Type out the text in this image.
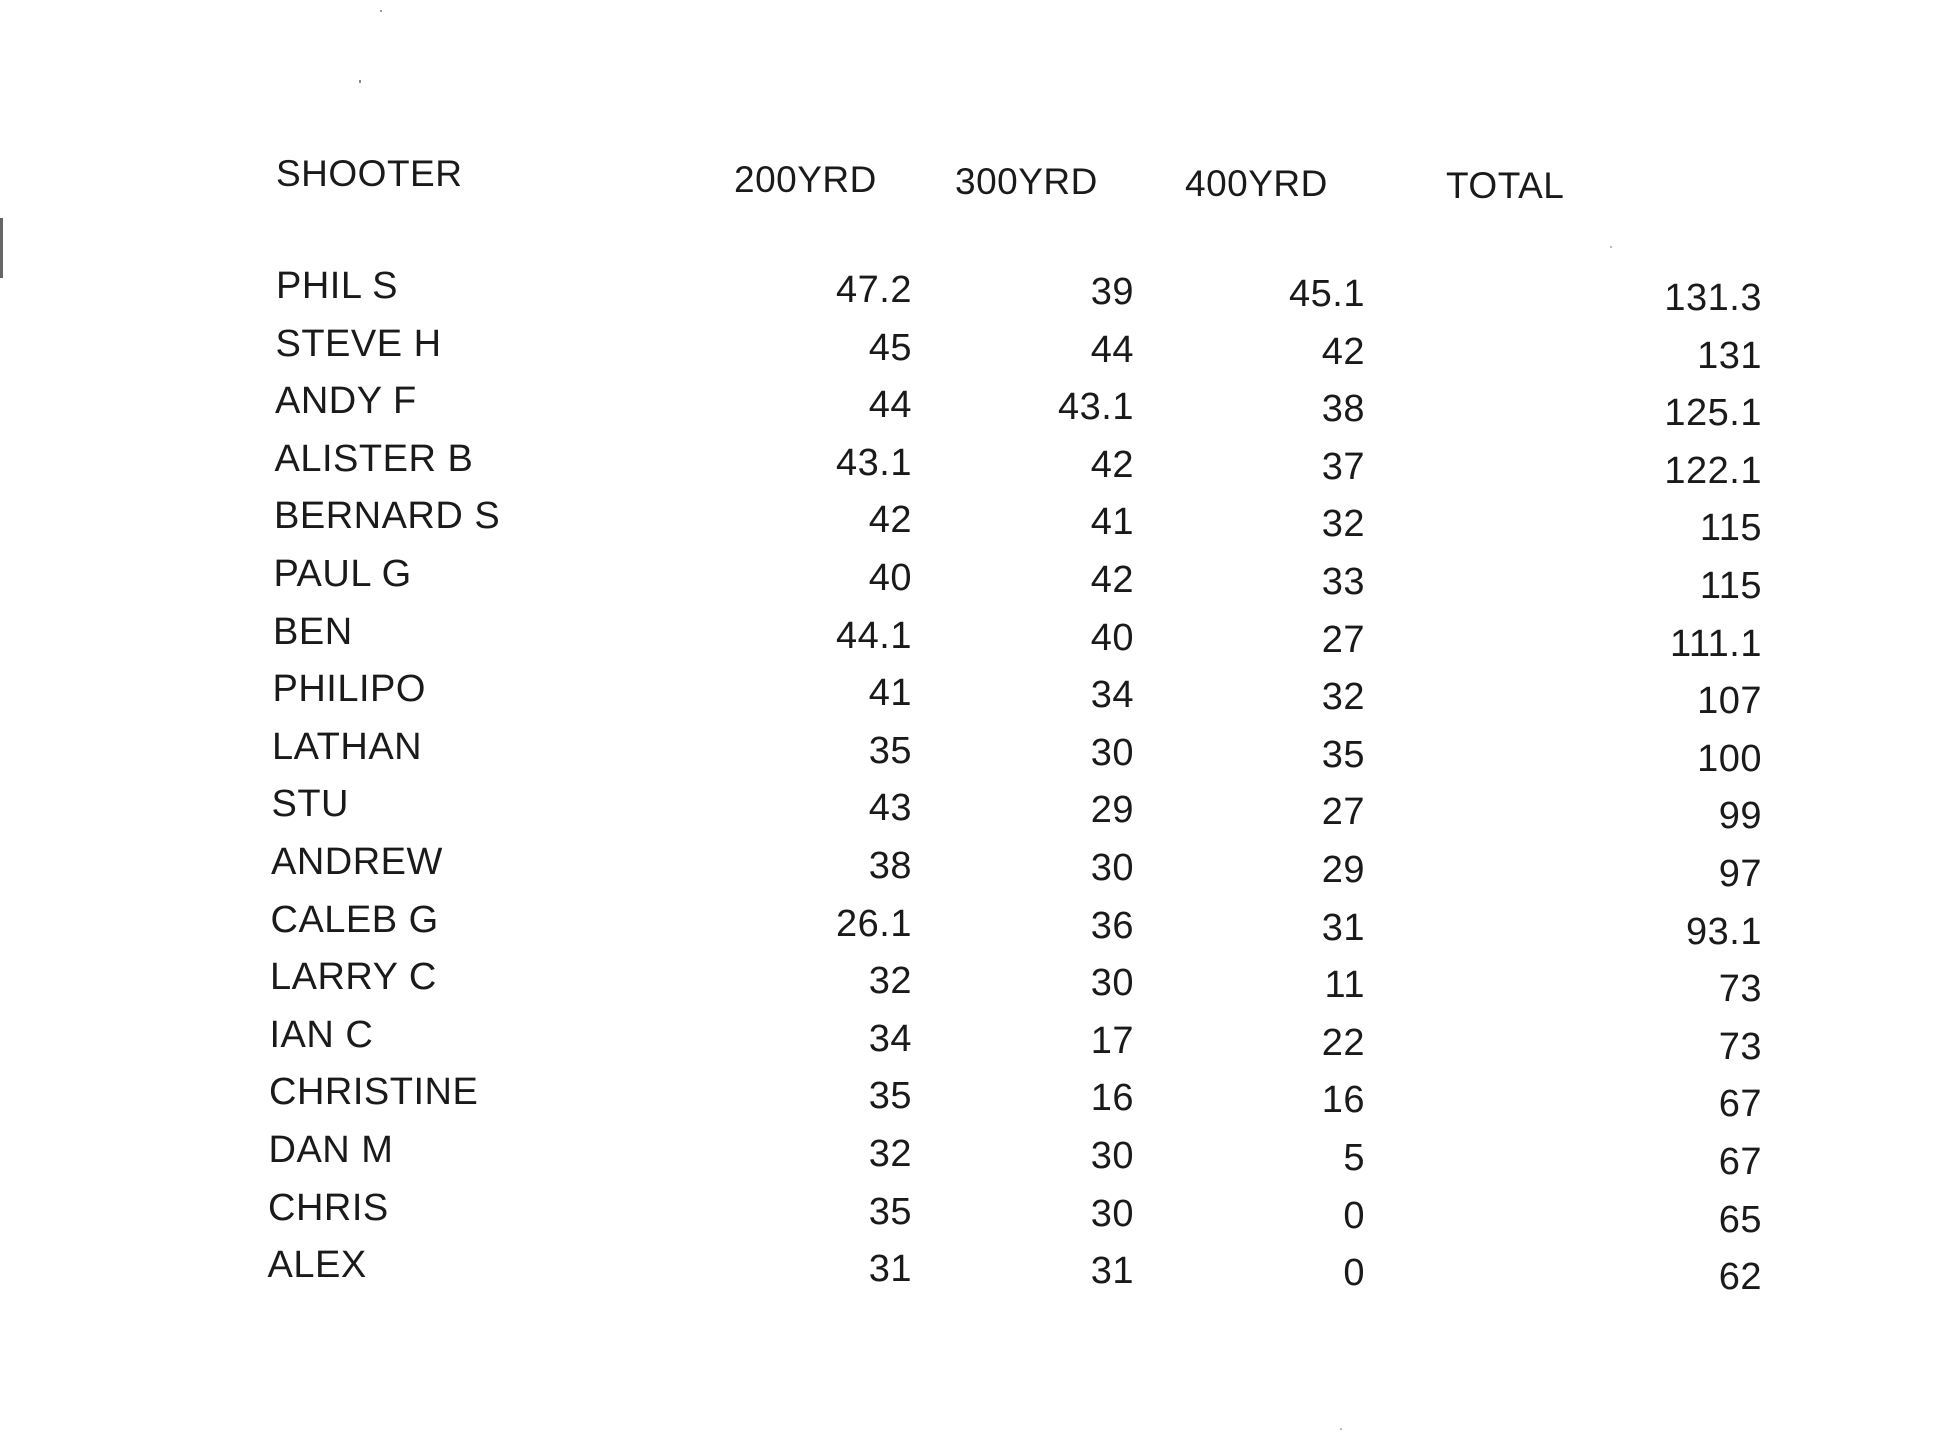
SHOOTER	200YRD 300YRD 400YRD	TOTAL
PHIL S	47.2	39	45.1	131.3
STEVE H	45	44	42	131
ANDY F	44	43.1	38	125.1
ALISTER B	43.1	42	37	122.1
BERNARD S	42	41	32	115
PAUL G	40	42	33	115
BEN	44.1	40	27	111.1
PHILIPO	41	34	32	107
LATHAN	35	30	35	100
STU	43	29	27	99
ANDREW	38	30	29	97
CALEB G	26.1	36	31	93.1
LARRY C	32	30	11	73
IAN C	34	17	22	73
CHRISTINE	35	16	16	67
DAN M	32	30	5	67
CHRIS	35	30	0	65
ALEX	31	31	0	62
